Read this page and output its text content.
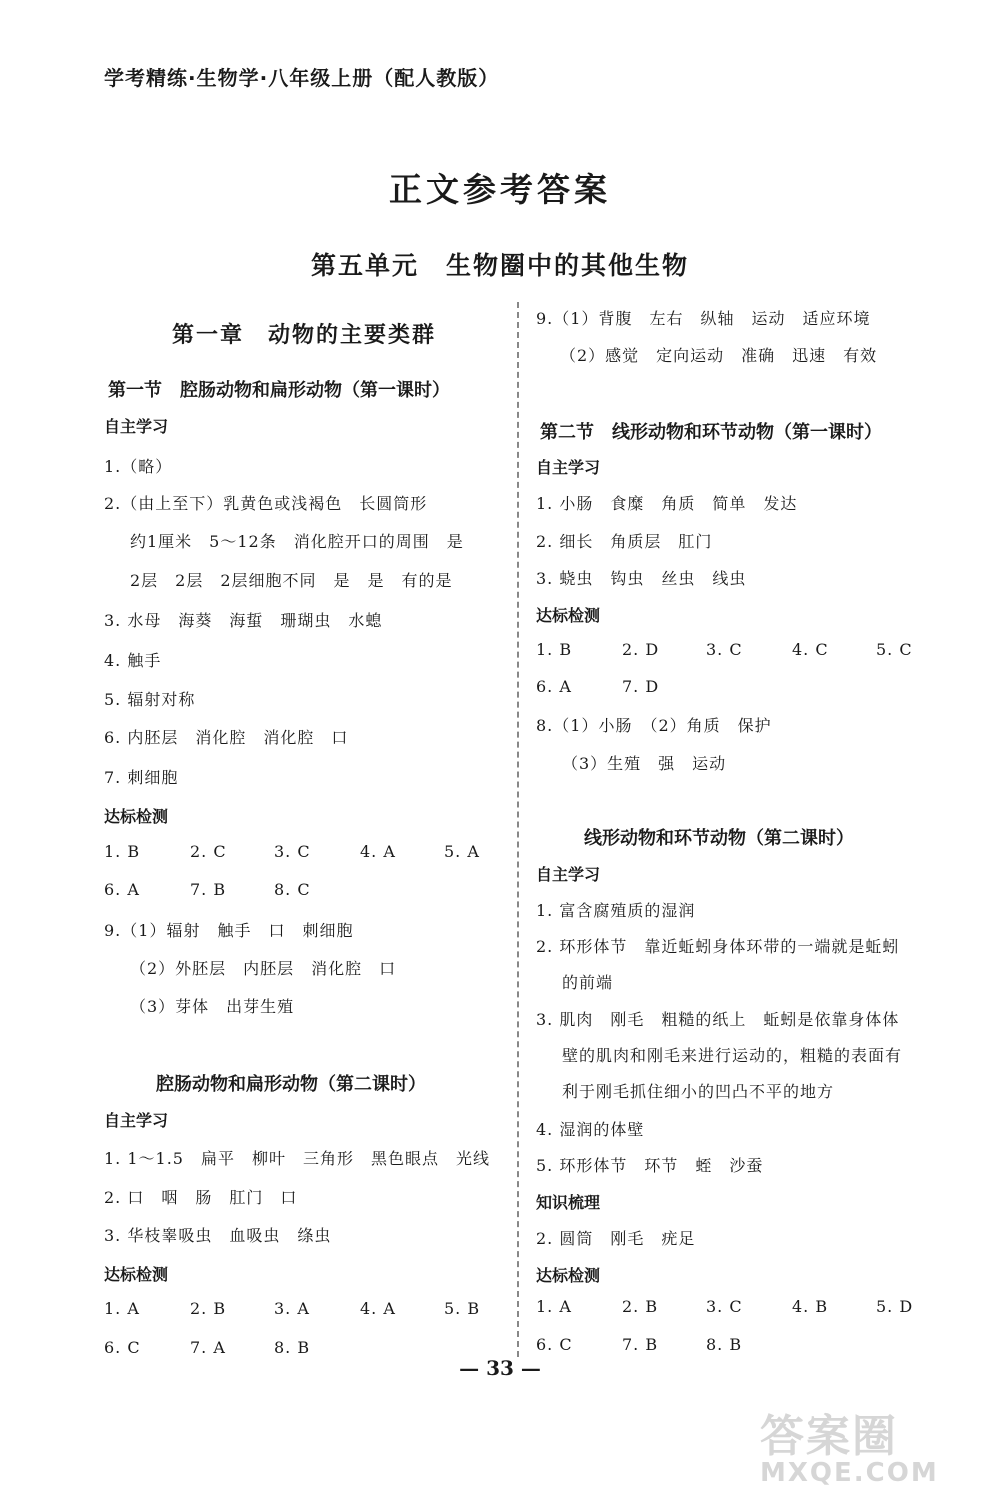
学考精练·生物学·八年级上册（配人教版）
正文参考答案
第五单元　生物圈中的其他生物
第一章　动物的主要类群
第一节　腔肠动物和扁形动物（第一课时）
自主学习
1.（略）
2.（由上至下）乳黄色或浅褐色　长圆筒形
约1厘米　5～12条　消化腔开口的周围　是
2层　2层　2层细胞不同　是　是　有的是
3. 水母　海葵　海蜇　珊瑚虫　水螅
4. 触手
5. 辐射对称
6. 内胚层　消化腔　消化腔　口
7. 刺细胞
达标检测
1. B	2. C	3. C	4. A	5. A
6. A	7. B	8. C
9.（1）辐射　触手　口　刺细胞
（2）外胚层　内胚层　消化腔　口
（3）芽体　出芽生殖
腔肠动物和扁形动物（第二课时）
自主学习
1. 1～1.5　扁平　柳叶　三角形　黑色眼点　光线
2. 口　咽　肠　肛门　口
3. 华枝睾吸虫　血吸虫　绦虫
达标检测
1. A	2. B	3. A	4. A	5. B
6. C	7. A	8. B
9.（1）背腹　左右　纵轴　运动　适应环境
（2）感觉　定向运动　准确　迅速　有效
第二节　线形动物和环节动物（第一课时）
自主学习
1. 小肠　食糜　角质　简单　发达
2. 细长　角质层　肛门
3. 蛲虫　钩虫　丝虫　线虫
达标检测
1. B	2. D	3. C	4. C	5. C
6. A	7. D
8.（1）小肠　（2）角质　保护
（3）生殖　强　运动
线形动物和环节动物（第二课时）
自主学习
1. 富含腐殖质的湿润
2. 环形体节　靠近蚯蚓身体环带的一端就是蚯蚓
的前端
3. 肌肉　刚毛　粗糙的纸上　蚯蚓是依靠身体体
壁的肌肉和刚毛来进行运动的，粗糙的表面有
利于刚毛抓住细小的凹凸不平的地方
4. 湿润的体壁
5. 环形体节　环节　蛭　沙蚕
知识梳理
2. 圆筒　刚毛　疣足
达标检测
1. A	2. B	3. C	4. B	5. D
6. C	7. B	8. B
— 33 —
答案圈
MXQE.COM
